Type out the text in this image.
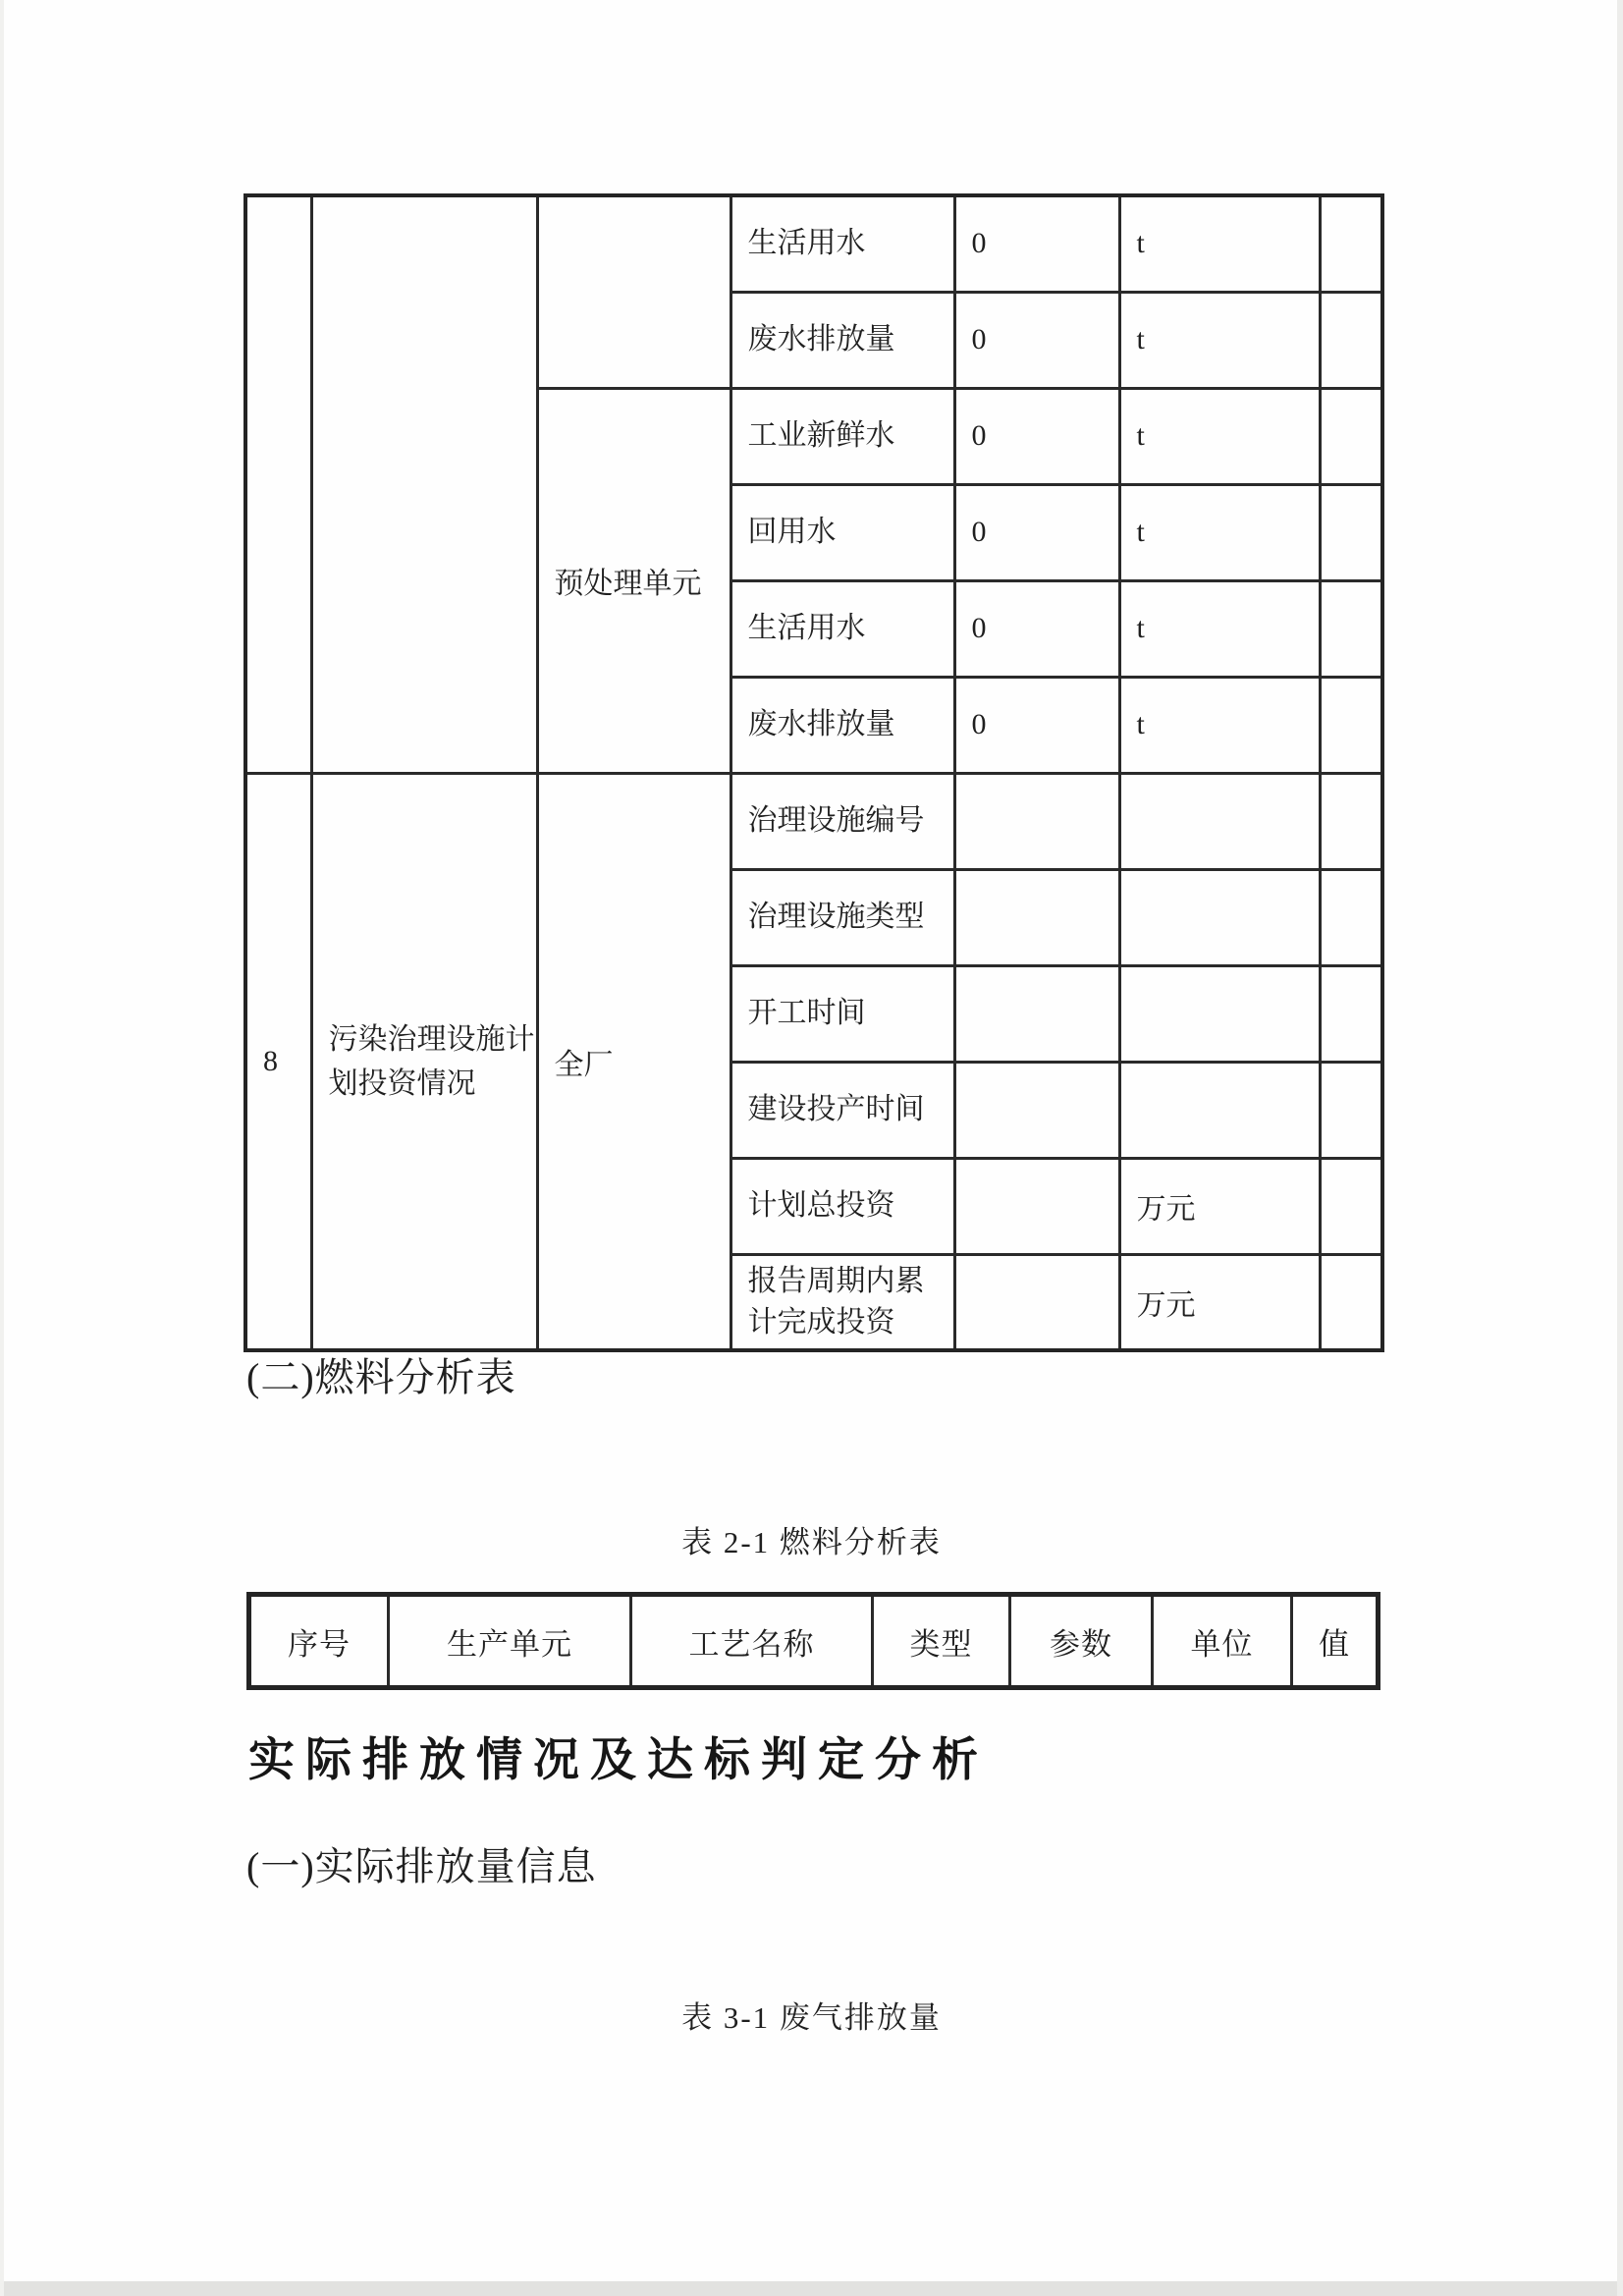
			生活用水	0	t	
			废水排放量	0	t	
		预处理单元	工业新鲜水	0	t	
			回用水	0	t	
			生活用水	0	t	
			废水排放量	0	t	
8	污染治理设施计划投资情况	全厂	治理设施编号			
			治理设施类型			
			开工时间			
			建设投产时间			
			计划总投资		万元	
			报告周期内累计完成投资		万元	
(二)燃料分析表
表 2-1 燃料分析表
序号	生产单元	工艺名称	类型	参数	单位	值
实际排放情况及达标判定分析
(一)实际排放量信息
表 3-1 废气排放量
